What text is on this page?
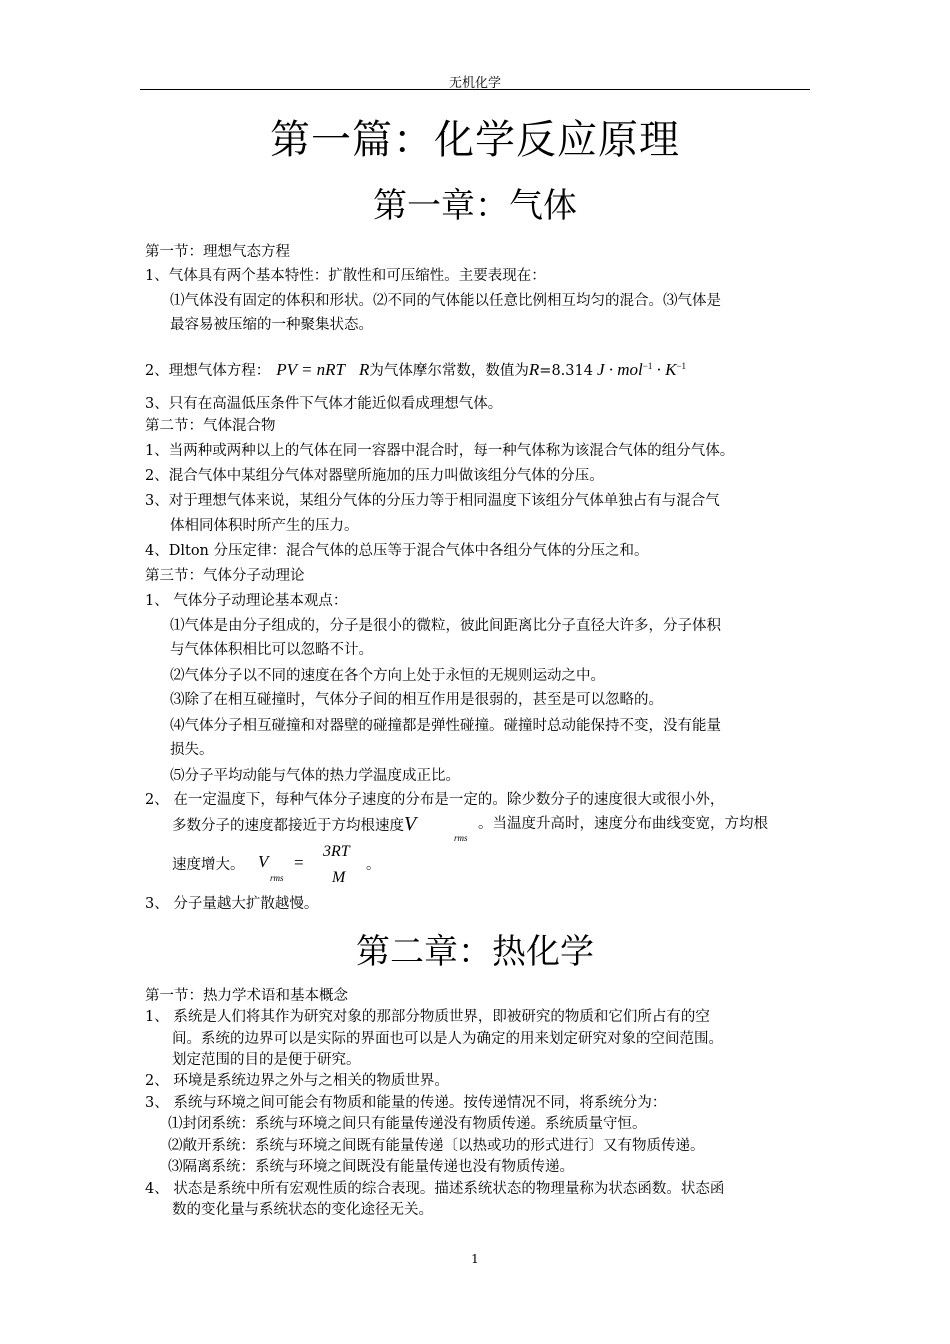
无机化学
第一篇：化学反应原理
第一章：气体
第一节：理想气态方程
1、气体具有两个基本特性：扩散性和可压缩性。主要表现在：
⑴气体没有固定的体积和形状。⑵不同的气体能以任意比例相互均匀的混合。⑶气体是
最容易被压缩的一种聚集状态。
2、理想气体方程： PV = nRT R为气体摩尔常数，数值为R=8.314 $J \cdot mol^{-1} \cdot K^{-1}$
3、只有在高温低压条件下气体才能近似看成理想气体。
第二节：气体混合物
1、当两种或两种以上的气体在同一容器中混合时，每一种气体称为该混合气体的组分气体。
2、混合气体中某组分气体对器壁所施加的压力叫做该组分气体的分压。
3、对于理想气体来说，某组分气体的分压力等于相同温度下该组分气体单独占有与混合气
体相同体积时所产生的压力。
4、Dlton 分压定律：混合气体的总压等于混合气体中各组分气体的分压之和。
第三节：气体分子动理论
1、 气体分子动理论基本观点：
⑴气体是由分子组成的，分子是很小的微粒，彼此间距离比分子直径大许多，分子体积
与气体体积相比可以忽略不计。
⑵气体分子以不同的速度在各个方向上处于永恒的无规则运动之中。
⑶除了在相互碰撞时，气体分子间的相互作用是很弱的，甚至是可以忽略的。
⑷气体分子相互碰撞和对器壁的碰撞都是弹性碰撞。碰撞时总动能保持不变，没有能量
损失。
⑸分子平均动能与气体的热力学温度成正比。
2、 在一定温度下，每种气体分子速度的分布是一定的。除少数分子的速度很大或很小外，
多数分子的速度都接近于方均根速度V
rms
。当温度升高时，速度分布曲线变宽，方均根
速度增大。 V
rms
=
3RT
M
。
3、 分子量越大扩散越慢。
第二章：热化学
第一节：热力学术语和基本概念
1、 系统是人们将其作为研究对象的那部分物质世界，即被研究的物质和它们所占有的空
间。系统的边界可以是实际的界面也可以是人为确定的用来划定研究对象的空间范围。
划定范围的目的是便于研究。
2、 环境是系统边界之外与之相关的物质世界。
3、 系统与环境之间可能会有物质和能量的传递。按传递情况不同，将系统分为：
⑴封闭系统：系统与环境之间只有能量传递没有物质传递。系统质量守恒。
⑵敞开系统：系统与环境之间既有能量传递〔以热或功的形式进行〕又有物质传递。
⑶隔离系统：系统与环境之间既没有能量传递也没有物质传递。
4、 状态是系统中所有宏观性质的综合表现。描述系统状态的物理量称为状态函数。状态函
数的变化量与系统状态的变化途径无关。
1
